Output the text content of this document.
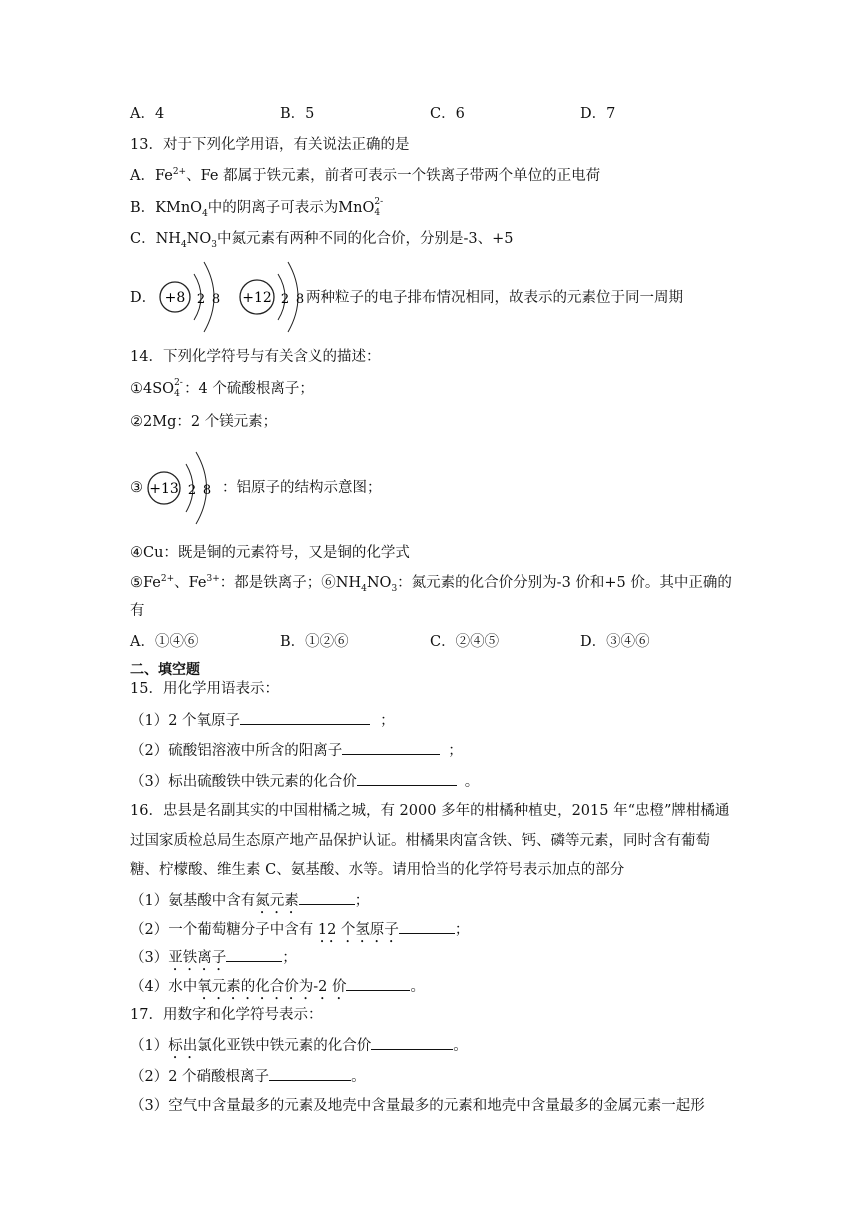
A．4	B．5	C．6	D．7
13．对于下列化学用语，有关说法正确的是
A．$Fe^{2+}$、Fe 都属于铁元素，前者可表示一个铁离子带两个单位的正电荷
B．KMnO$_4$中的阴离子可表示为MnO 2-
4
C．$NH_4NO_3$中氮元素有两种不同的化合价，分别是-3、+5
D． +8 2 8 +12 2 8 两种粒子的电子排布情况相同，故表示的元素位于同一周期
14．下列化学符号与有关含义的描述：
①4SO 2-
4 ：4 个硫酸根离子；
②2Mg：2 个镁元素；
③ +13 2 8 ：铝原子的结构示意图；
④Cu：既是铜的元素符号，又是铜的化学式
$⑤Fe^{2+}$、$Fe^{3+}$：都是铁离子；$⑥NH_4NO_3$：氮元素的化合价分别为-3 价和+5 价。其中正确的
有
A．①④⑥	B．①②⑥	C．②④⑤	D．③④⑥
二、填空题
15．用化学用语表示：
（1）2 个氧原子	；
（2）硫酸铝溶液中所含的阳离子	；
（3）标出硫酸铁中铁元素的化合价	。
16．忠县是名副其实的中国柑橘之城，有 2000 多年的柑橘种植史，2015 年“忠橙”牌柑橘通
过国家质检总局生态原产地产品保护认证。柑橘果肉富含铁、钙、磷等元素，同时含有葡萄
糖、柠檬酸、维生素 C、氨基酸、水等。请用恰当的化学符号表示加点的部分
（1）氨基酸中含有氮元素	；
（2）一个葡萄糖分子中含有 12 个氢原子	；
（3）亚铁离子	；
（4）水中氧元素的化合价为-2 价	。
17．用数字和化学符号表示：
（1）标出氯化亚铁中铁元素的化合价	。
（2）2 个硝酸根离子	。
（3）空气中含量最多的元素及地壳中含量最多的元素和地壳中含量最多的金属元素一起形
